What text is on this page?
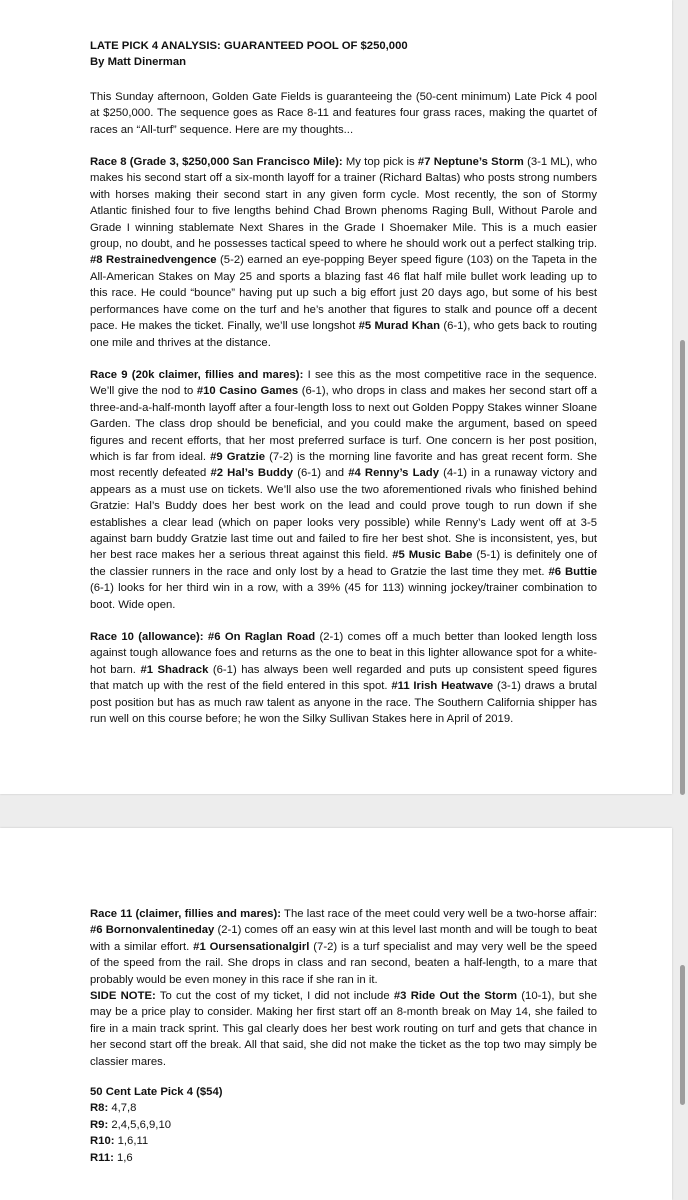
LATE PICK 4 ANALYSIS: GUARANTEED POOL OF $250,000
By Matt Dinerman

This Sunday afternoon, Golden Gate Fields is guaranteeing the (50-cent minimum) Late Pick 4 pool at $250,000. The sequence goes as Race 8-11 and features four grass races, making the quartet of races an “All-turf” sequence. Here are my thoughts...

Race 8 (Grade 3, $250,000 San Francisco Mile): My top pick is #7 Neptune’s Storm (3-1 ML), who makes his second start off a six-month layoff for a trainer (Richard Baltas) who posts strong numbers with horses making their second start in any given form cycle. Most recently, the son of Stormy Atlantic finished four to five lengths behind Chad Brown phenoms Raging Bull, Without Parole and Grade I winning stablemate Next Shares in the Grade I Shoemaker Mile. This is a much easier group, no doubt, and he possesses tactical speed to where he should work out a perfect stalking trip. #8 Restrainedvengence (5-2) earned an eye-popping Beyer speed figure (103) on the Tapeta in the All-American Stakes on May 25 and sports a blazing fast 46 flat half mile bullet work leading up to this race. He could “bounce” having put up such a big effort just 20 days ago, but some of his best performances have come on the turf and he’s another that figures to stalk and pounce off a decent pace. He makes the ticket. Finally, we’ll use longshot #5 Murad Khan (6-1), who gets back to routing one mile and thrives at the distance.

Race 9 (20k claimer, fillies and mares): I see this as the most competitive race in the sequence. We’ll give the nod to #10 Casino Games (6-1), who drops in class and makes her second start off a three-and-a-half-month layoff after a four-length loss to next out Golden Poppy Stakes winner Sloane Garden. The class drop should be beneficial, and you could make the argument, based on speed figures and recent efforts, that her most preferred surface is turf. One concern is her post position, which is far from ideal. #9 Gratzie (7-2) is the morning line favorite and has great recent form. She most recently defeated #2 Hal’s Buddy (6-1) and #4 Renny’s Lady (4-1) in a runaway victory and appears as a must use on tickets. We’ll also use the two aforementioned rivals who finished behind Gratzie: Hal’s Buddy does her best work on the lead and could prove tough to run down if she establishes a clear lead (which on paper looks very possible) while Renny’s Lady went off at 3-5 against barn buddy Gratzie last time out and failed to fire her best shot. She is inconsistent, yes, but her best race makes her a serious threat against this field. #5 Music Babe (5-1) is definitely one of the classier runners in the race and only lost by a head to Gratzie the last time they met. #6 Buttie (6-1) looks for her third win in a row, with a 39% (45 for 113) winning jockey/trainer combination to boot. Wide open.

Race 10 (allowance): #6 On Raglan Road (2-1) comes off a much better than looked length loss against tough allowance foes and returns as the one to beat in this lighter allowance spot for a white-hot barn. #1 Shadrack (6-1) has always been well regarded and puts up consistent speed figures that match up with the rest of the field entered in this spot. #11 Irish Heatwave (3-1) draws a brutal post position but has as much raw talent as anyone in the race. The Southern California shipper has run well on this course before; he won the Silky Sullivan Stakes here in April of 2019.

Race 11 (claimer, fillies and mares): The last race of the meet could very well be a two-horse affair: #6 Bornonvalentineday (2-1) comes off an easy win at this level last month and will be tough to beat with a similar effort. #1 Oursensationalgirl (7-2) is a turf specialist and may very well be the speed of the speed from the rail. She drops in class and ran second, beaten a half-length, to a mare that probably would be even money in this race if she ran in it.

SIDE NOTE: To cut the cost of my ticket, I did not include #3 Ride Out the Storm (10-1), but she may be a price play to consider. Making her first start off an 8-month break on May 14, she failed to fire in a main track sprint. This gal clearly does her best work routing on turf and gets that chance in her second start off the break. All that said, she did not make the ticket as the top two may simply be classier mares.

50 Cent Late Pick 4 ($54)
R8: 4,7,8
R9: 2,4,5,6,9,10
R10: 1,6,11
R11: 1,6
